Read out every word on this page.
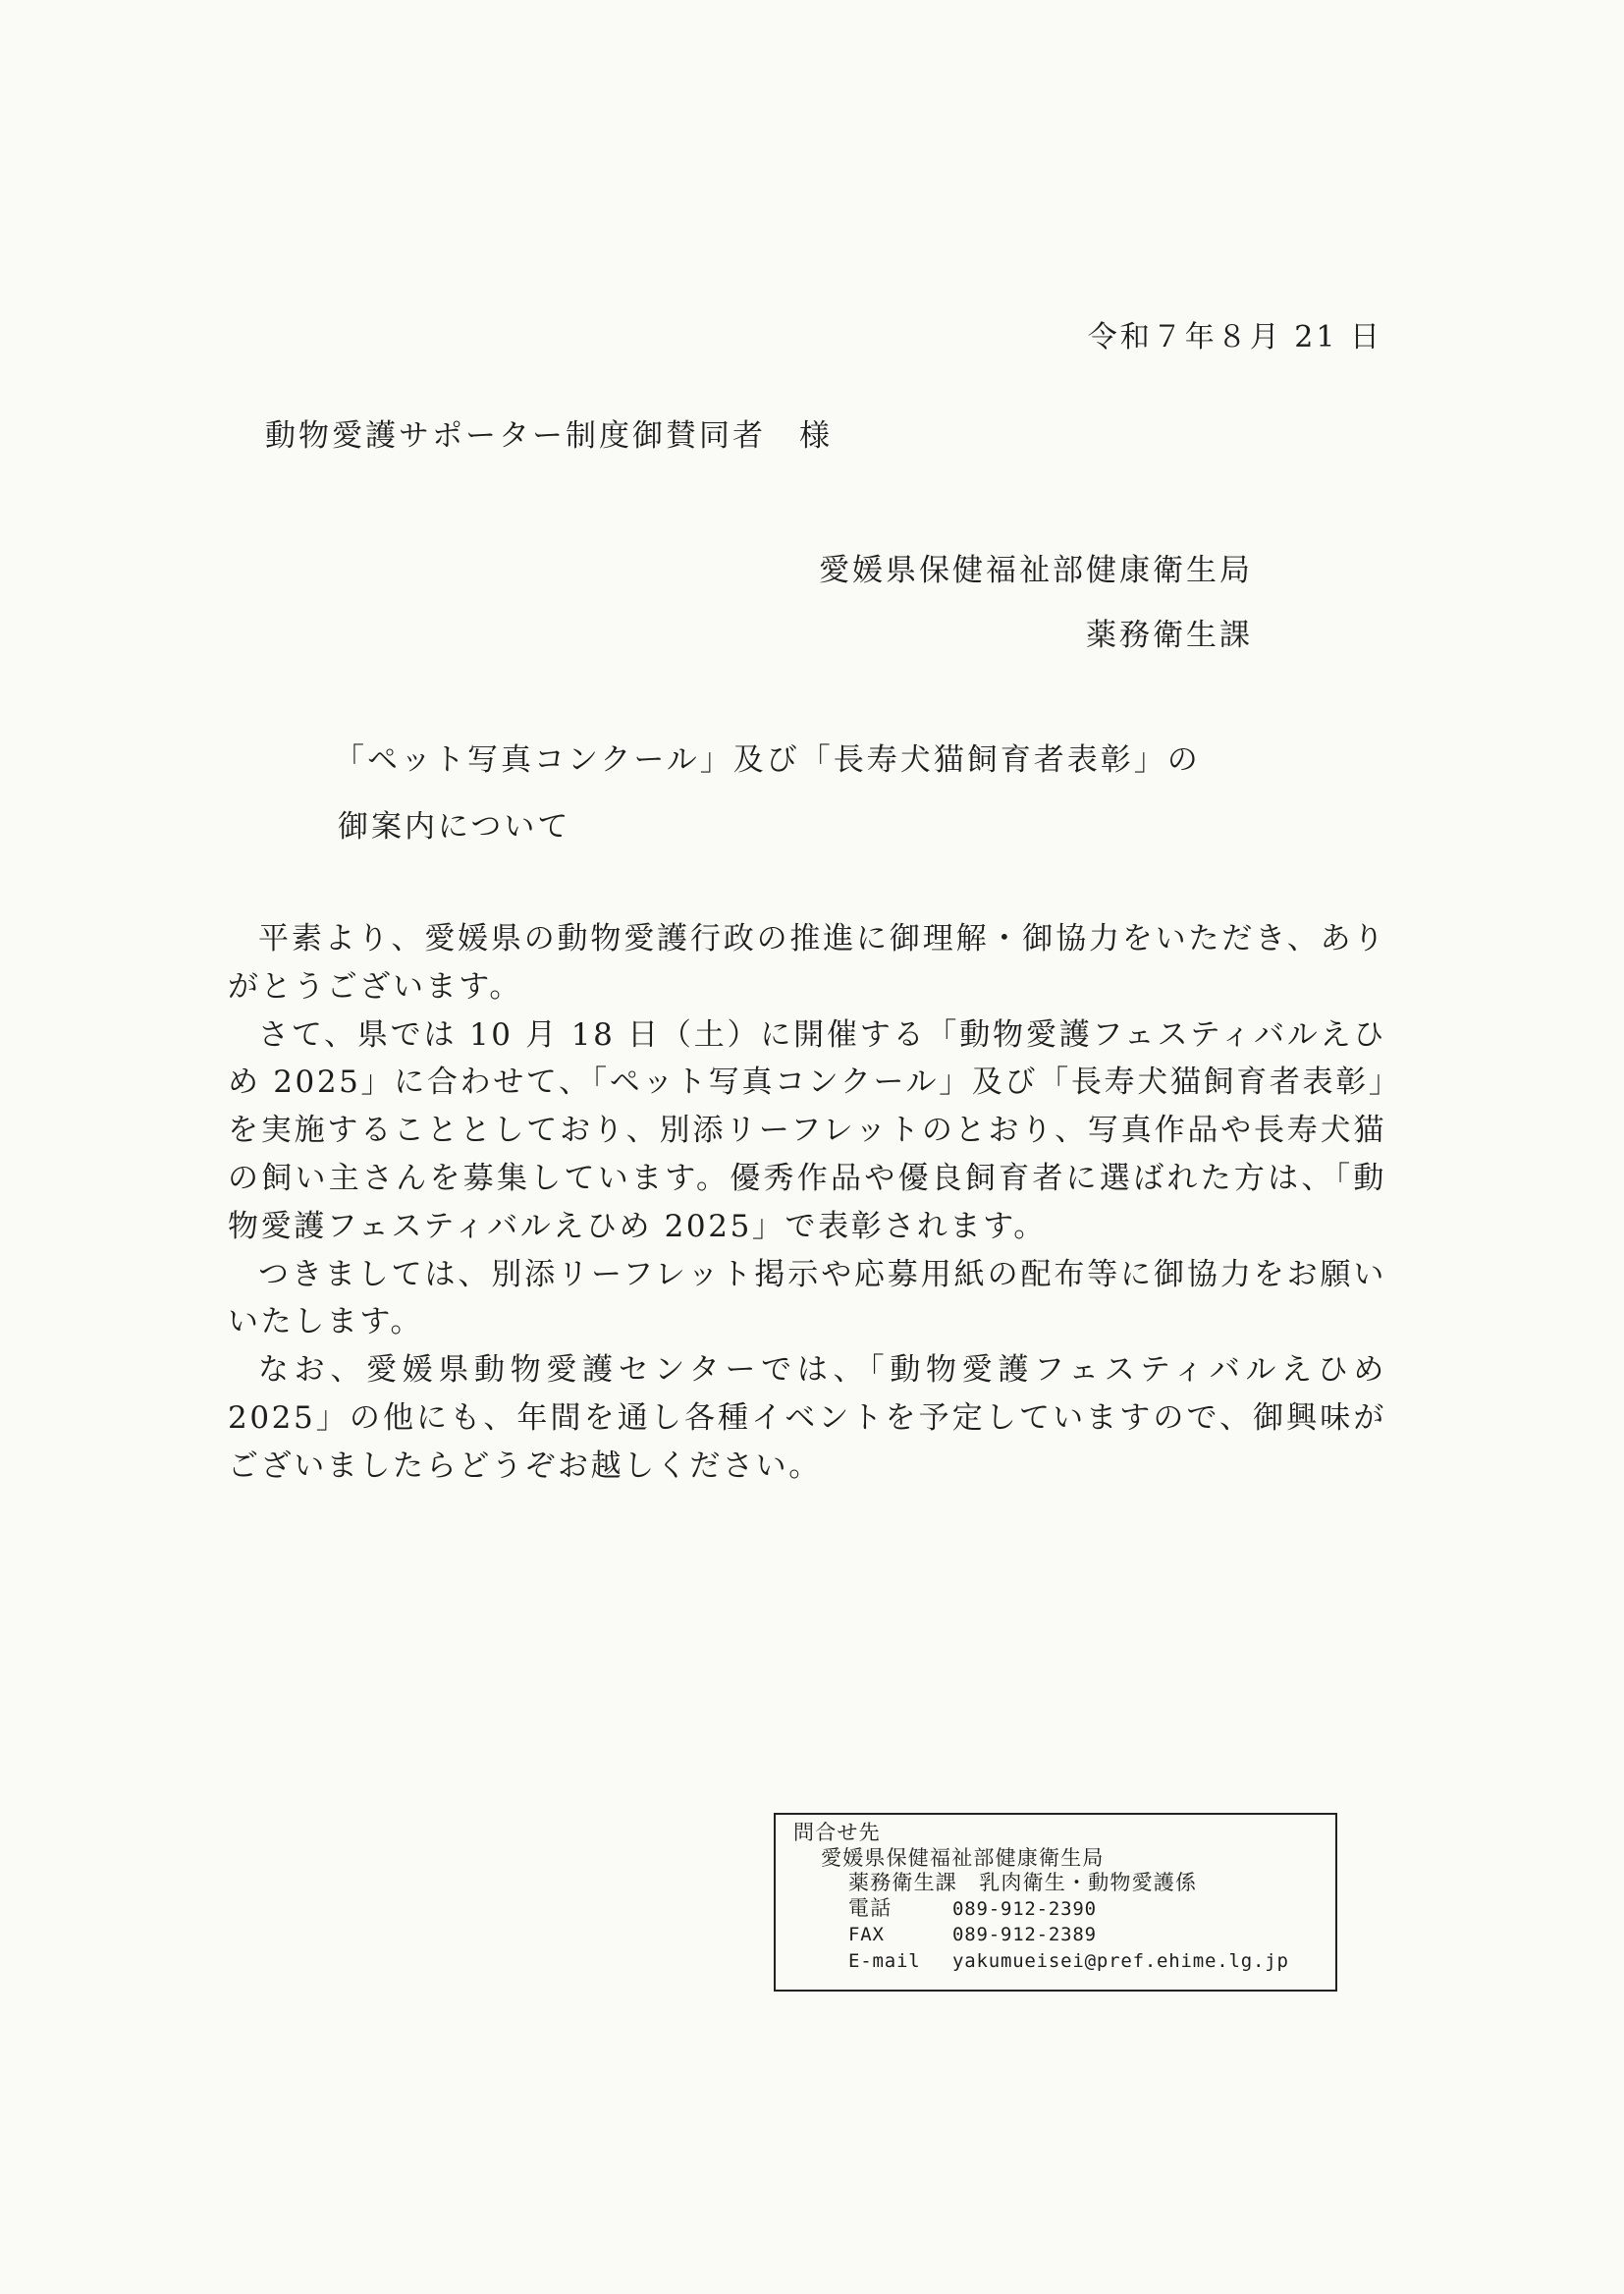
令和７年８月 21 日
動物愛護サポーター制度御賛同者　様
愛媛県保健福祉部健康衛生局
薬務衛生課
「ペット写真コンクール」及び「長寿犬猫飼育者表彰」の
御案内について

平素より、愛媛県の動物愛護行政の推進に御理解・御協力をいただき、ありがとうございます。

さて、県では 10 月 18 日（土）に開催する「動物愛護フェスティバルえひめ 2025」に合わせて、「ペット写真コンクール」及び「長寿犬猫飼育者表彰」を実施することとしており、別添リーフレットのとおり、写真作品や長寿犬猫の飼い主さんを募集しています。優秀作品や優良飼育者に選ばれた方は、「動物愛護フェスティバルえひめ 2025」で表彰されます。

つきましては、別添リーフレット掲示や応募用紙の配布等に御協力をお願いいたします。

なお、愛媛県動物愛護センターでは、「動物愛護フェスティバルえひめ 2025」の他にも、年間を通し各種イベントを予定していますので、御興味がございましたらどうぞお越しください。

問合せ先
愛媛県保健福祉部健康衛生局
薬務衛生課　乳肉衛生・動物愛護係
電話	089-912-2390
FAX	089-912-2389
E-mail yakumueisei@pref.ehime.lg.jp
